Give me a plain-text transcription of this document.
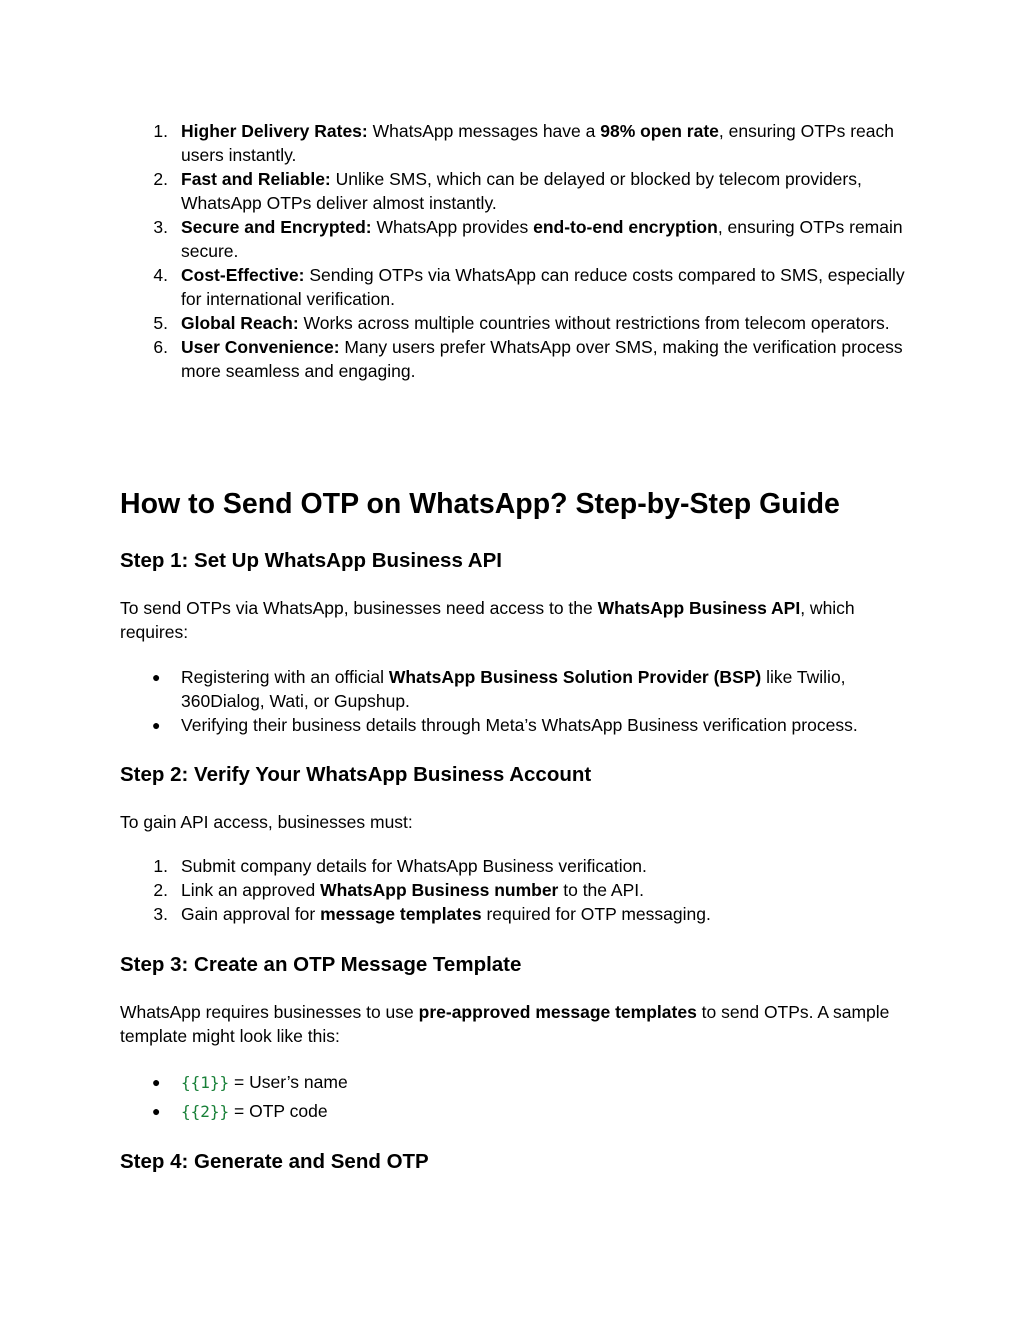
1. Higher Delivery Rates: WhatsApp messages have a 98% open rate, ensuring OTPs reach users instantly.
2. Fast and Reliable: Unlike SMS, which can be delayed or blocked by telecom providers, WhatsApp OTPs deliver almost instantly.
3. Secure and Encrypted: WhatsApp provides end-to-end encryption, ensuring OTPs remain secure.
4. Cost-Effective: Sending OTPs via WhatsApp can reduce costs compared to SMS, especially for international verification.
5. Global Reach: Works across multiple countries without restrictions from telecom operators.
6. User Convenience: Many users prefer WhatsApp over SMS, making the verification process more seamless and engaging.
How to Send OTP on WhatsApp? Step-by-Step Guide
Step 1: Set Up WhatsApp Business API

To send OTPs via WhatsApp, businesses need access to the WhatsApp Business API, which requires:

● Registering with an official WhatsApp Business Solution Provider (BSP) like Twilio, 360Dialog, Wati, or Gupshup.
● Verifying their business details through Meta’s WhatsApp Business verification process.
Step 2: Verify Your WhatsApp Business Account

To gain API access, businesses must:

1. Submit company details for WhatsApp Business verification.
2. Link an approved WhatsApp Business number to the API.
3. Gain approval for message templates required for OTP messaging.
Step 3: Create an OTP Message Template

WhatsApp requires businesses to use pre-approved message templates to send OTPs. A sample template might look like this:

● {{1}} = User’s name
● {{2}} = OTP code
Step 4: Generate and Send OTP
